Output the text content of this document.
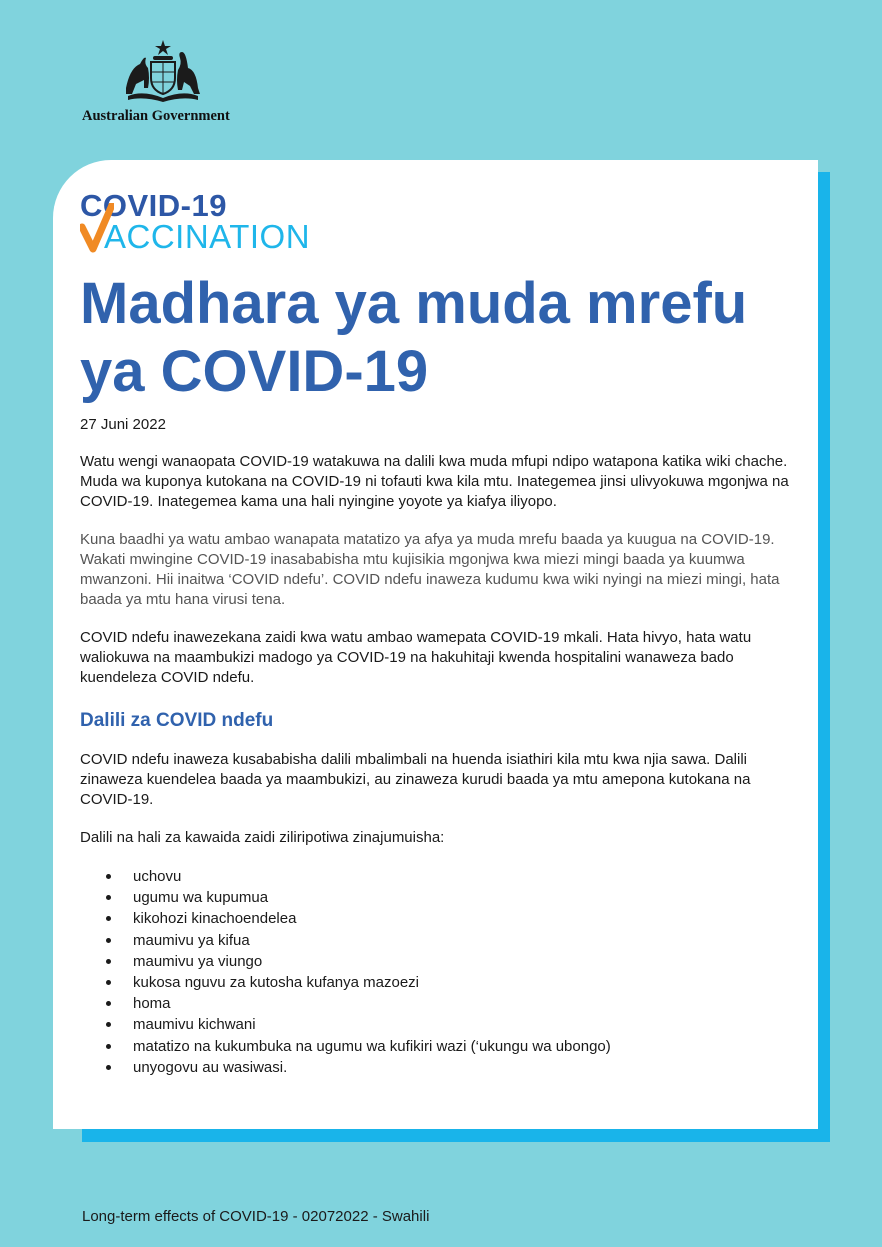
Australian Government
COVID-19
ACCINATION
Madhara ya muda mrefu ya COVID-19

27 Juni 2022

Watu wengi wanaopata COVID-19 watakuwa na dalili kwa muda mfupi ndipo watapona katika wiki chache. Muda wa kuponya kutokana na COVID-19 ni tofauti kwa kila mtu. Inategemea jinsi ulivyokuwa mgonjwa na COVID-19. Inategemea kama una hali nyingine yoyote ya kiafya iliyopo.

Kuna baadhi ya watu ambao wanapata matatizo ya afya ya muda mrefu baada ya kuugua na COVID-19. Wakati mwingine COVID-19 inasababisha mtu kujisikia mgonjwa kwa miezi mingi baada ya kuumwa mwanzoni. Hii inaitwa ‘COVID ndefu’. COVID ndefu inaweza kudumu kwa wiki nyingi na miezi mingi, hata baada ya mtu hana virusi tena.

COVID ndefu inawezekana zaidi kwa watu ambao wamepata COVID-19 mkali. Hata hivyo, hata watu waliokuwa na maambukizi madogo ya COVID-19 na hakuhitaji kwenda hospitalini wanaweza bado kuendeleza COVID ndefu.

Dalili za COVID ndefu

COVID ndefu inaweza kusababisha dalili mbalimbali na huenda isiathiri kila mtu kwa njia sawa. Dalili zinaweza kuendelea baada ya maambukizi, au zinaweza kurudi baada ya mtu amepona kutokana na COVID-19.

Dalili na hali za kawaida zaidi ziliripotiwa zinajumuisha:

uchovu
ugumu wa kupumua
kikohozi kinachoendelea
maumivu ya kifua
maumivu ya viungo
kukosa nguvu za kutosha kufanya mazoezi
homa
maumivu kichwani
matatizo na kukumbuka na ugumu wa kufikiri wazi (‘ukungu wa ubongo)
unyogovu au wasiwasi.
Long-term effects of COVID-19 - 02072022 - Swahili
